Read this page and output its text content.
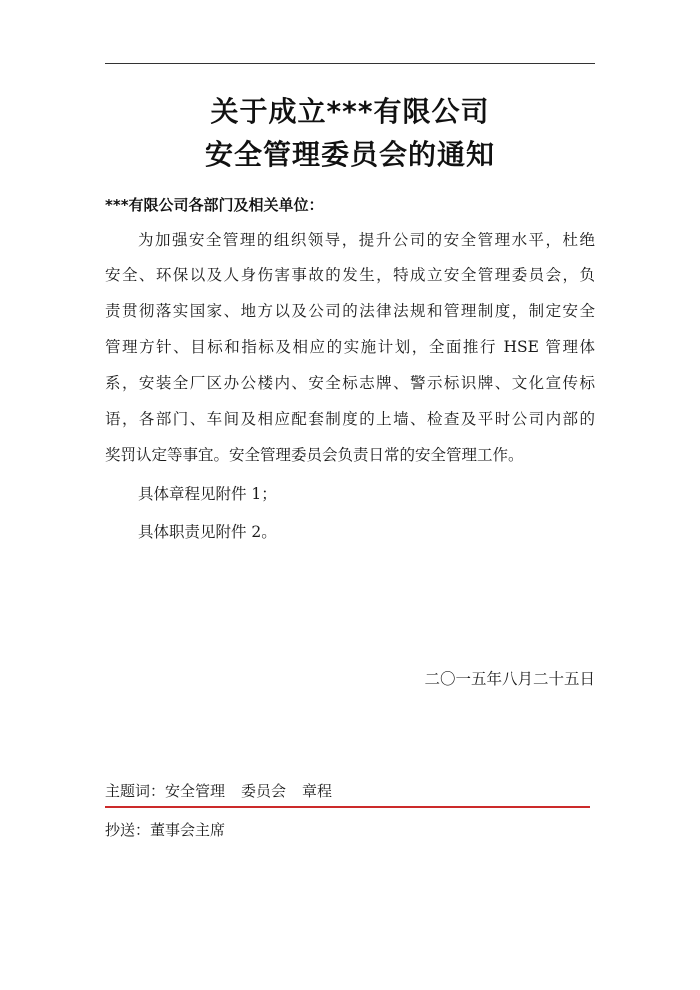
关于成立***有限公司
安全管理委员会的通知
***有限公司各部门及相关单位：
为加强安全管理的组织领导，提升公司的安全管理水平，杜绝
安全、环保以及人身伤害事故的发生，特成立安全管理委员会，负
责贯彻落实国家、地方以及公司的法律法规和管理制度，制定安全
管理方针、目标和指标及相应的实施计划，全面推行 HSE 管理体
系，安装全厂区办公楼内、安全标志牌、警示标识牌、文化宣传标
语，各部门、车间及相应配套制度的上墙、检查及平时公司内部的
奖罚认定等事宜。安全管理委员会负责日常的安全管理工作。
具体章程见附件 1；
具体职责见附件 2。
二〇一五年八月二十五日
主题词：安全管理 委员会 章程
抄送：董事会主席
